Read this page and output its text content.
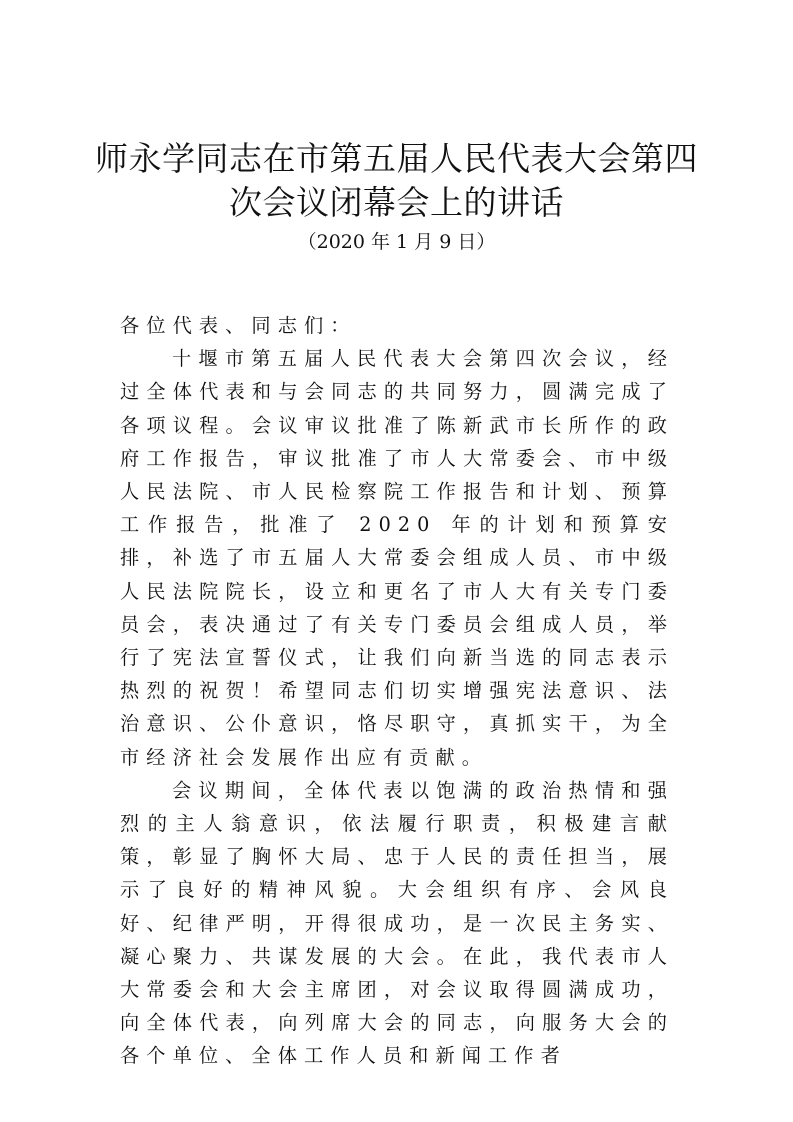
师永学同志在市第五届人民代表大会第四
次会议闭幕会上的讲话
（2020 年 1 月 9 日）

各位代表、同志们：

十堰市第五届人民代表大会第四次会议，经过全体代表和与会同志的共同努力，圆满完成了各项议程。会议审议批准了陈新武市长所作的政府工作报告，审议批准了市人大常委会、市中级人民法院、市人民检察院工作报告和计划、预算工作报告，批准了 2020 年的计划和预算安排，补选了市五届人大常委会组成人员、市中级人民法院院长，设立和更名了市人大有关专门委员会，表决通过了有关专门委员会组成人员，举行了宪法宣誓仪式，让我们向新当选的同志表示热烈的祝贺！希望同志们切实增强宪法意识、法治意识、公仆意识，恪尽职守，真抓实干，为全市经济社会发展作出应有贡献。

会议期间，全体代表以饱满的政治热情和强烈的主人翁意识，依法履行职责，积极建言献策，彰显了胸怀大局、忠于人民的责任担当，展示了良好的精神风貌。大会组织有序、会风良好、纪律严明，开得很成功，是一次民主务实、凝心聚力、共谋发展的大会。在此，我代表市人大常委会和大会主席团，对会议取得圆满成功，向全体代表，向列席大会的同志，向服务大会的各个单位、全体工作人员和新闻工作者
